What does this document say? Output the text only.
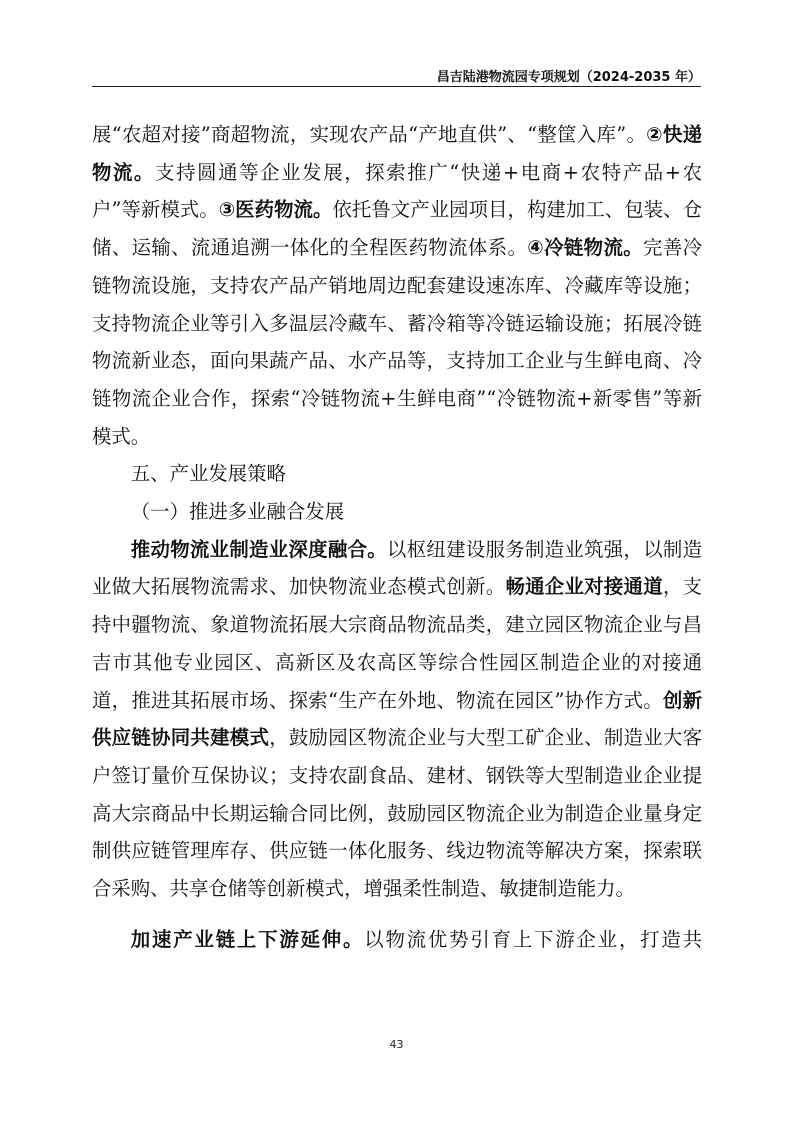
昌吉陆港物流园专项规划（2024-2035 年）

展“农超对接”商超物流，实现农产品“产地直供”、“整筐入库”。②快递物流。支持圆通等企业发展，探索推广“快递+电商+农特产品+农户”等新模式。③医药物流。依托鲁文产业园项目，构建加工、包装、仓储、运输、流通追溯一体化的全程医药物流体系。④冷链物流。完善冷链物流设施，支持农产品产销地周边配套建设速冻库、冷藏库等设施；支持物流企业等引入多温层冷藏车、蓄冷箱等冷链运输设施；拓展冷链物流新业态，面向果蔬产品、水产品等，支持加工企业与生鲜电商、冷链物流企业合作，探索“冷链物流+生鲜电商”“冷链物流+新零售”等新模式。

五、产业发展策略

（一）推进多业融合发展

推动物流业制造业深度融合。以枢纽建设服务制造业筑强，以制造业做大拓展物流需求、加快物流业态模式创新。畅通企业对接通道，支持中疆物流、象道物流拓展大宗商品物流品类，建立园区物流企业与昌吉市其他专业园区、高新区及农高区等综合性园区制造企业的对接通道，推进其拓展市场、探索“生产在外地、物流在园区”协作方式。创新供应链协同共建模式，鼓励园区物流企业与大型工矿企业、制造业大客户签订量价互保协议；支持农副食品、建材、钢铁等大型制造业企业提高大宗商品中长期运输合同比例，鼓励园区物流企业为制造企业量身定制供应链管理库存、供应链一体化服务、线边物流等解决方案，探索联合采购、共享仓储等创新模式，增强柔性制造、敏捷制造能力。

加速产业链上下游延伸。以物流优势引育上下游企业，打造共

43
